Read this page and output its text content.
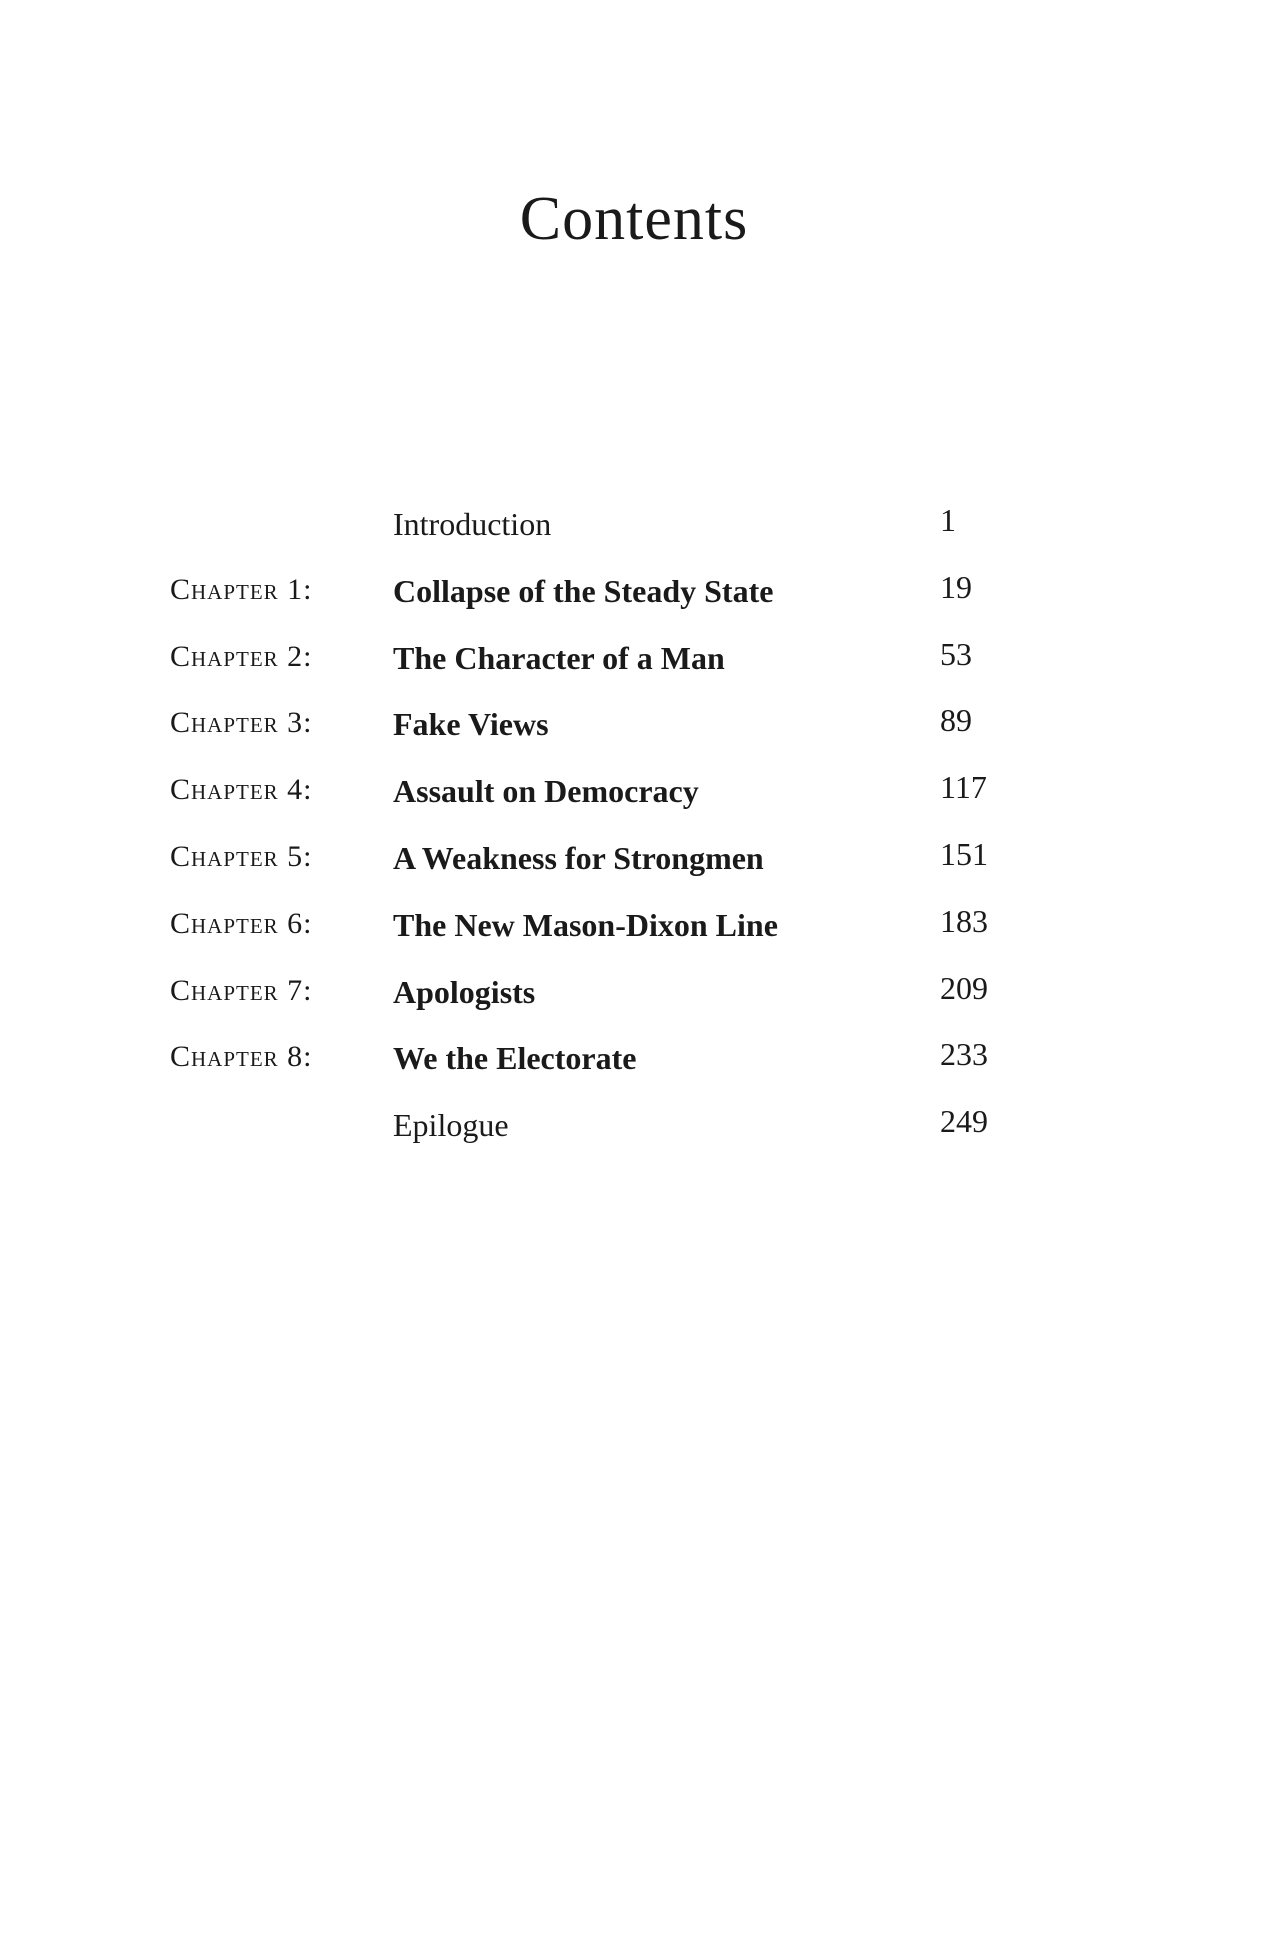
Contents
Introduction	1
Chapter 1:	Collapse of the Steady State	19
Chapter 2:	The Character of a Man	53
Chapter 3:	Fake Views	89
Chapter 4:	Assault on Democracy	117
Chapter 5:	A Weakness for Strongmen	151
Chapter 6:	The New Mason-Dixon Line	183
Chapter 7:	Apologists	209
Chapter 8:	We the Electorate	233
Epilogue	249
